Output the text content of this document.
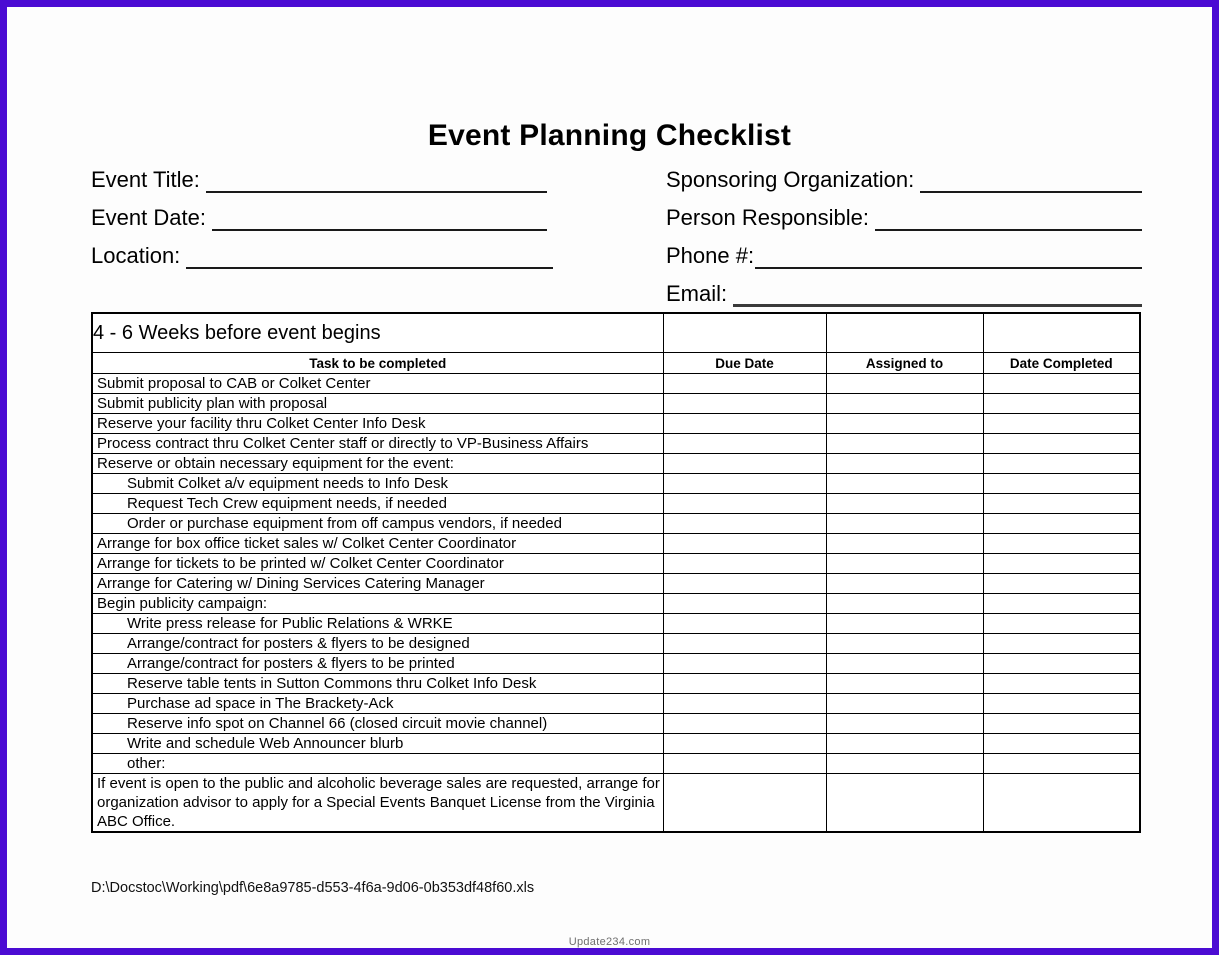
Event Planning Checklist
Event Title:
Event Date:
Location:
Sponsoring Organization:
Person Responsible:
Phone #:
Email:
4 - 6 Weeks before event begins			
Task to be completed	Due Date	Assigned to	Date Completed
Submit proposal to CAB or Colket Center			
Submit publicity plan with proposal			
Reserve your facility thru Colket Center Info Desk			
Process contract thru Colket Center staff or directly to VP-Business Affairs			
Reserve or obtain necessary equipment for the event:			
Submit Colket a/v equipment needs to Info Desk			
Request Tech Crew equipment needs, if needed			
Order or purchase equipment from off campus vendors, if needed			
Arrange for box office ticket sales w/ Colket Center Coordinator			
Arrange for tickets to be printed w/ Colket Center Coordinator			
Arrange for Catering w/ Dining Services Catering Manager			
Begin publicity campaign:			
Write press release for Public Relations & WRKE			
Arrange/contract for posters & flyers to be designed			
Arrange/contract for posters & flyers to be printed			
Reserve table tents in Sutton Commons thru Colket Info Desk			
Purchase ad space in The Brackety-Ack			
Reserve info spot on Channel 66 (closed circuit movie channel)			
Write and schedule Web Announcer blurb			
other:			
If event is open to the public and alcoholic beverage sales are requested, arrange for organization advisor to apply for a Special Events Banquet License from the Virginia ABC Office.			
D:\Docstoc\Working\pdf\6e8a9785-d553-4f6a-9d06-0b353df48f60.xls
Update234.com
